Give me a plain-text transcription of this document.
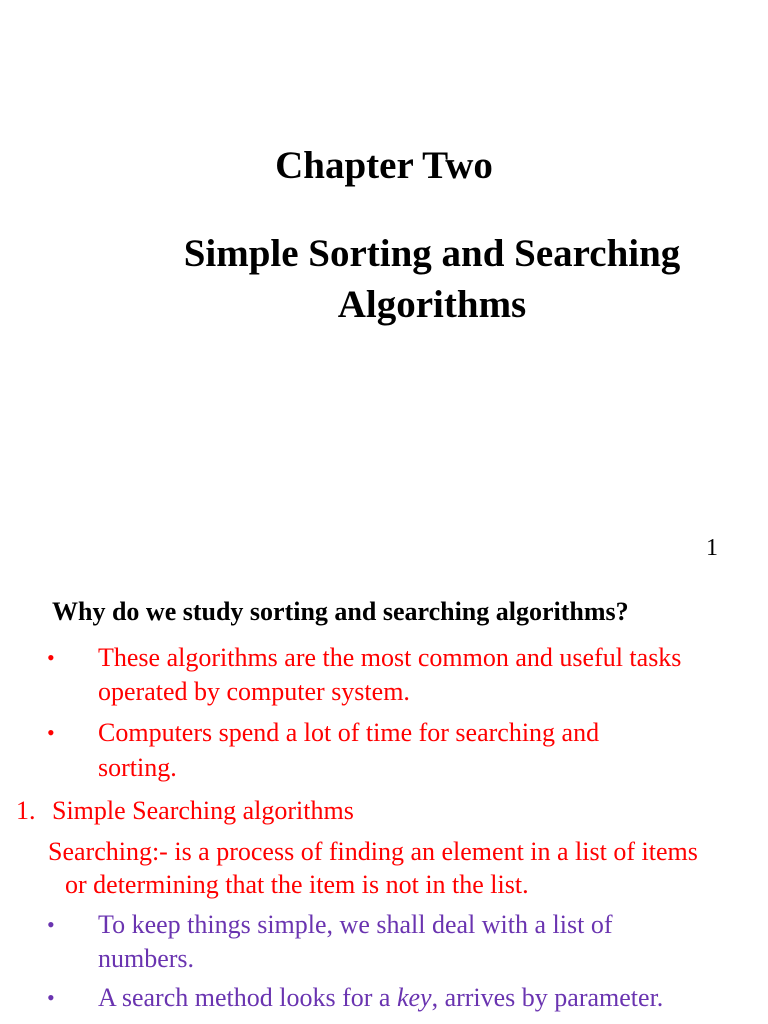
Chapter Two
Simple Sorting and Searching
Algorithms
1
Why do we study sorting and searching algorithms?
• These algorithms are the most common and useful tasks
operated by computer system.
• Computers spend a lot of time for searching and
sorting.
1. Simple Searching algorithms
Searching:- is a process of finding an element in a list of items
or determining that the item is not in the list.
• To keep things simple, we shall deal with a list of
numbers.
• A search method looks for a key, arrives by parameter.
